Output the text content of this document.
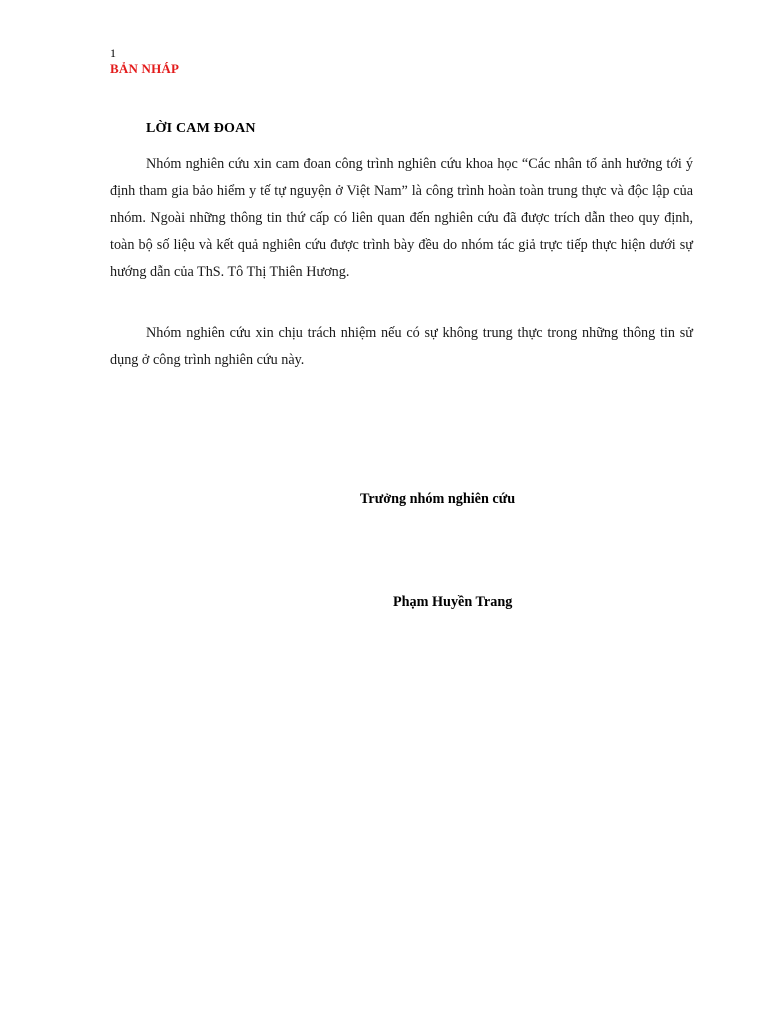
1
BẢN NHÁP
LỜI CAM ĐOAN

Nhóm nghiên cứu xin cam đoan công trình nghiên cứu khoa học “Các nhân tố ảnh hưởng tới ý định tham gia bảo hiểm y tế tự nguyện ở Việt Nam” là công trình hoàn toàn trung thực và độc lập của nhóm. Ngoài những thông tin thứ cấp có liên quan đến nghiên cứu đã được trích dẫn theo quy định, toàn bộ số liệu và kết quả nghiên cứu được trình bày đều do nhóm tác giả trực tiếp thực hiện dưới sự hướng dẫn của ThS. Tô Thị Thiên Hương.

Nhóm nghiên cứu xin chịu trách nhiệm nếu có sự không trung thực trong những thông tin sử dụng ở công trình nghiên cứu này.

Trưởng nhóm nghiên cứu
Phạm Huyền Trang
